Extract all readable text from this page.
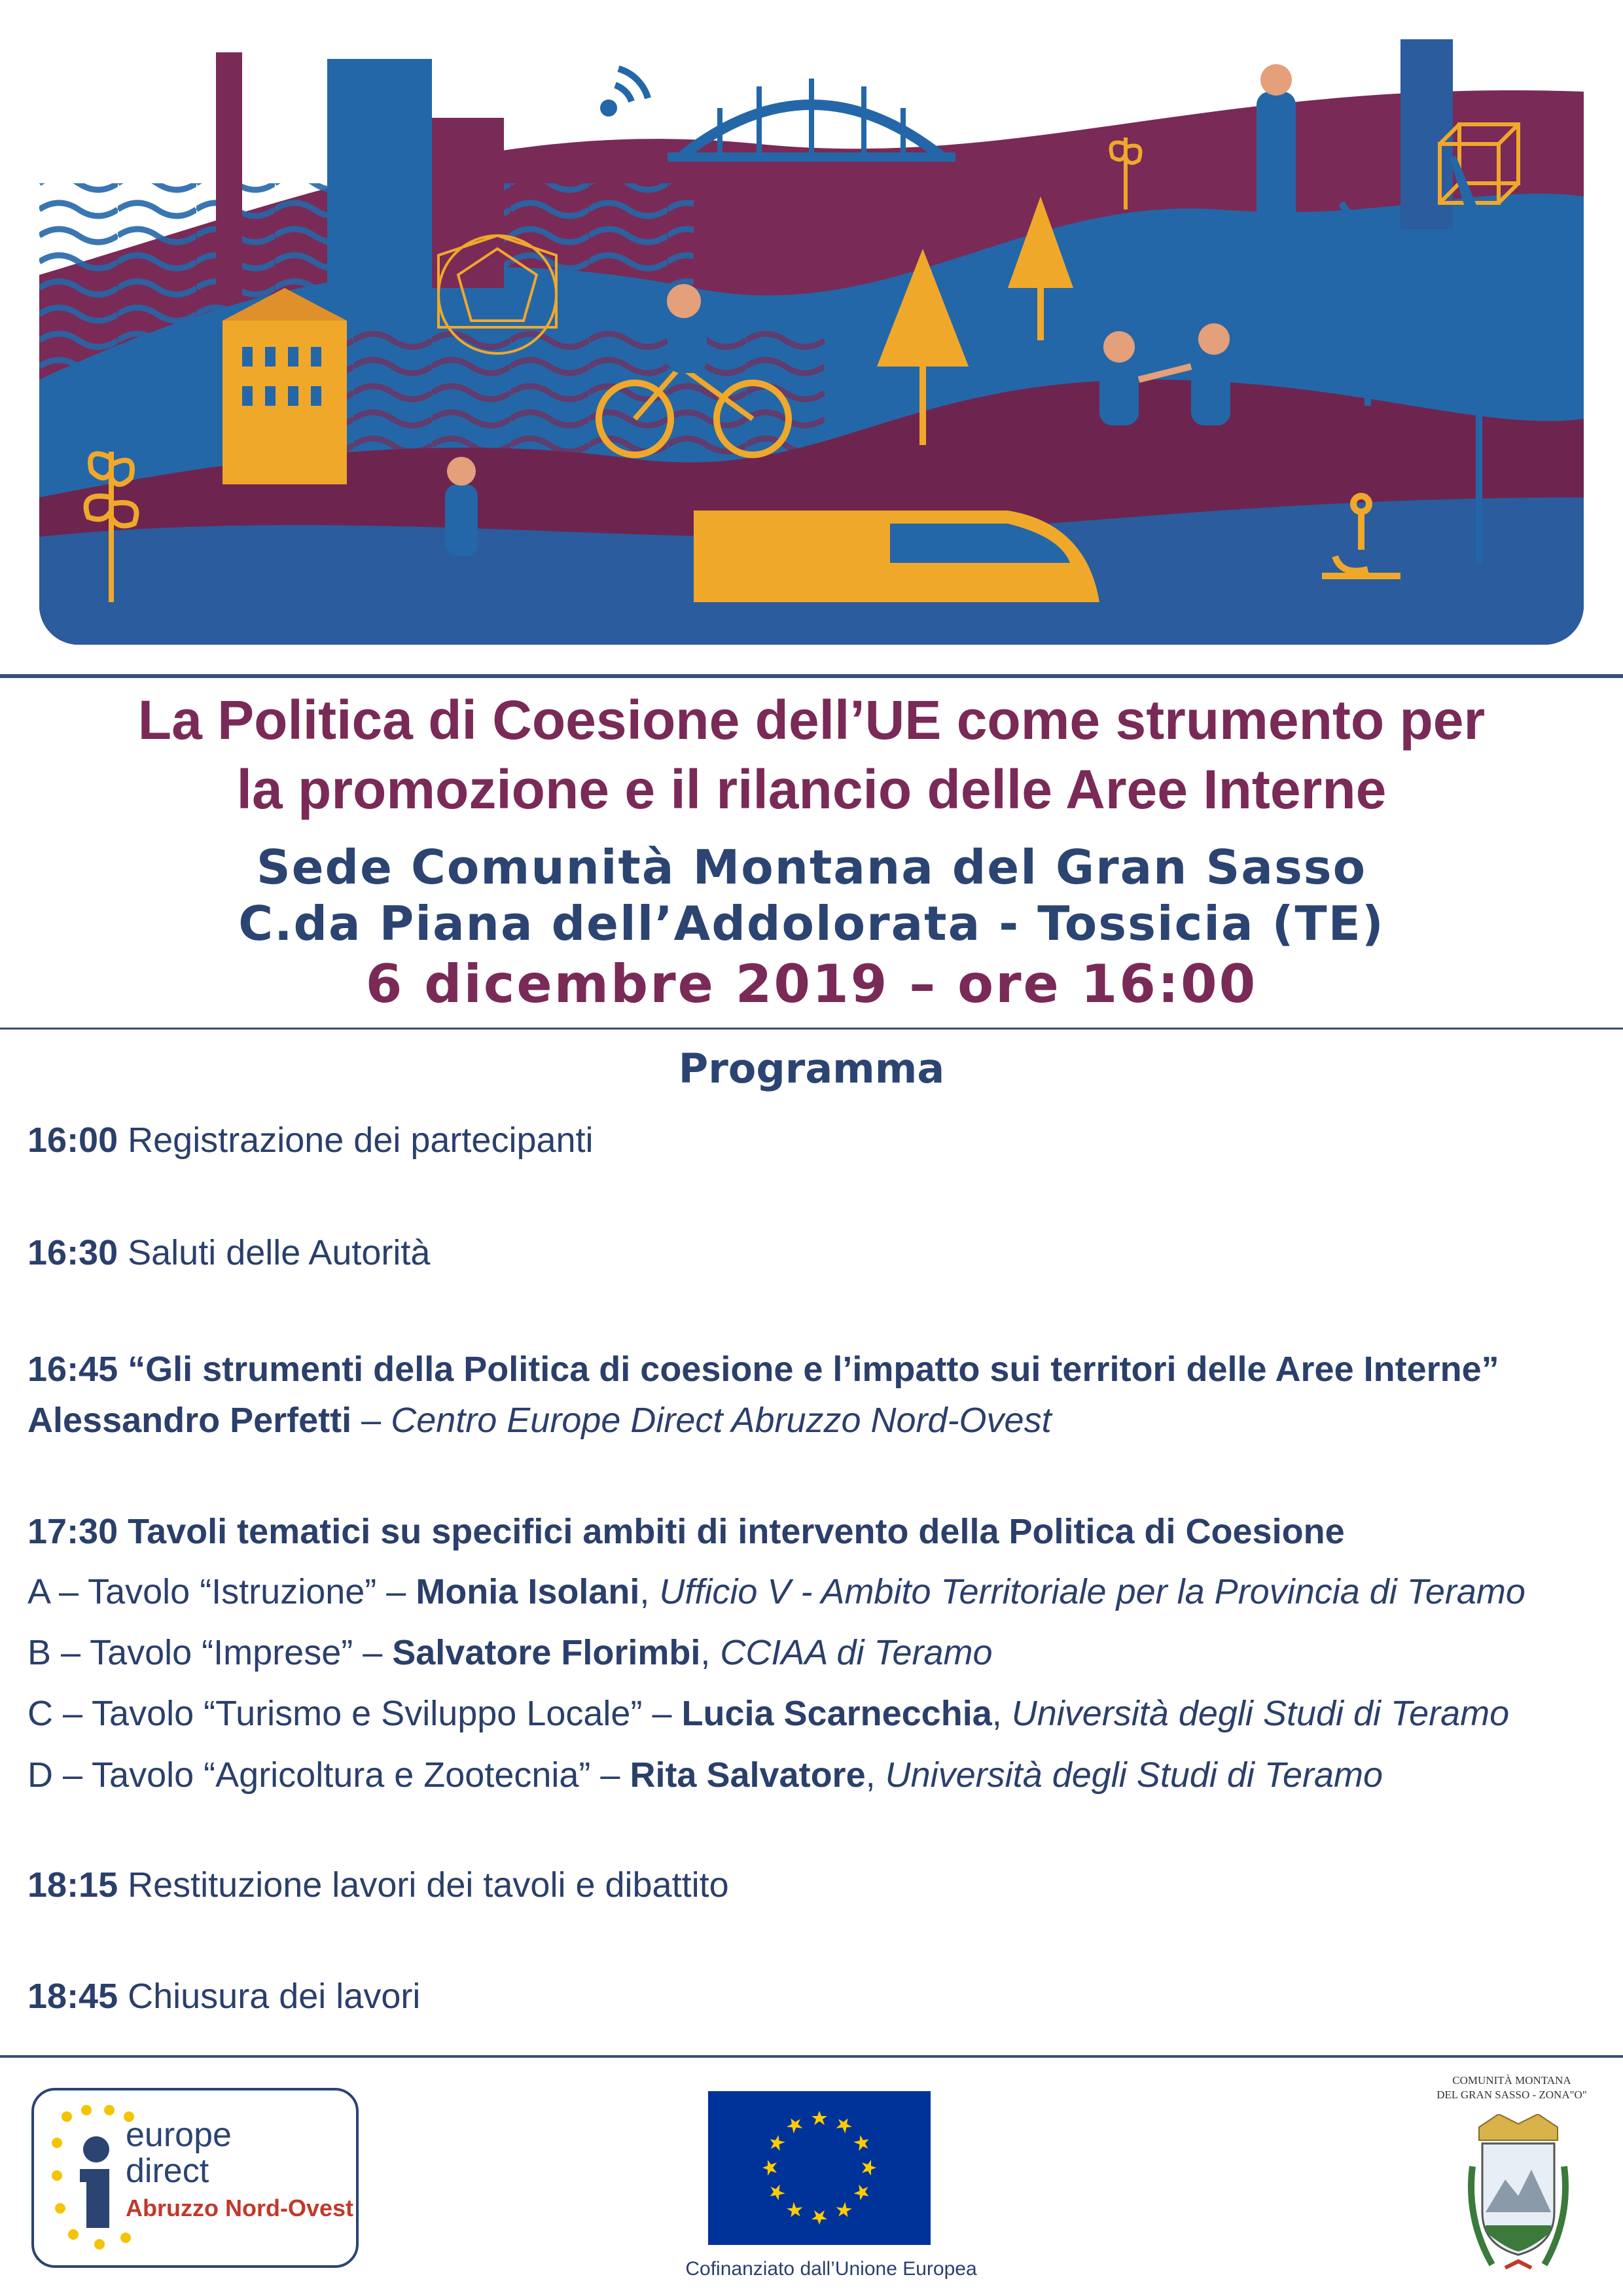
La Politica di Coesione dell’UE come strumento per
la promozione e il rilancio delle Aree Interne
Sede Comunità Montana del Gran Sasso
C.da Piana dell’Addolorata - Tossicia (TE)
6 dicembre 2019 – ore 16:00
Programma
16:00 Registrazione dei partecipanti
16:30 Saluti delle Autorità
16:45 “Gli strumenti della Politica di coesione e l’impatto sui territori delle Aree Interne”
Alessandro Perfetti – Centro Europe Direct Abruzzo Nord-Ovest
17:30 Tavoli tematici su specifici ambiti di intervento della Politica di Coesione
A – Tavolo “Istruzione” – Monia Isolani, Ufficio V - Ambito Territoriale per la Provincia di Teramo
B – Tavolo “Imprese” – Salvatore Florimbi, CCIAA di Teramo
C – Tavolo “Turismo e Sviluppo Locale” – Lucia Scarnecchia, Università degli Studi di Teramo
D – Tavolo “Agricoltura e Zootecnia” – Rita Salvatore, Università degli Studi di Teramo
18:15 Restituzione lavori dei tavoli e dibattito
18:45 Chiusura dei lavori
europe
direct
Abruzzo Nord-Ovest
Cofinanziato dall’Unione Europea
COMUNITÀ MONTANA
DEL GRAN SASSO - ZONA"O"
